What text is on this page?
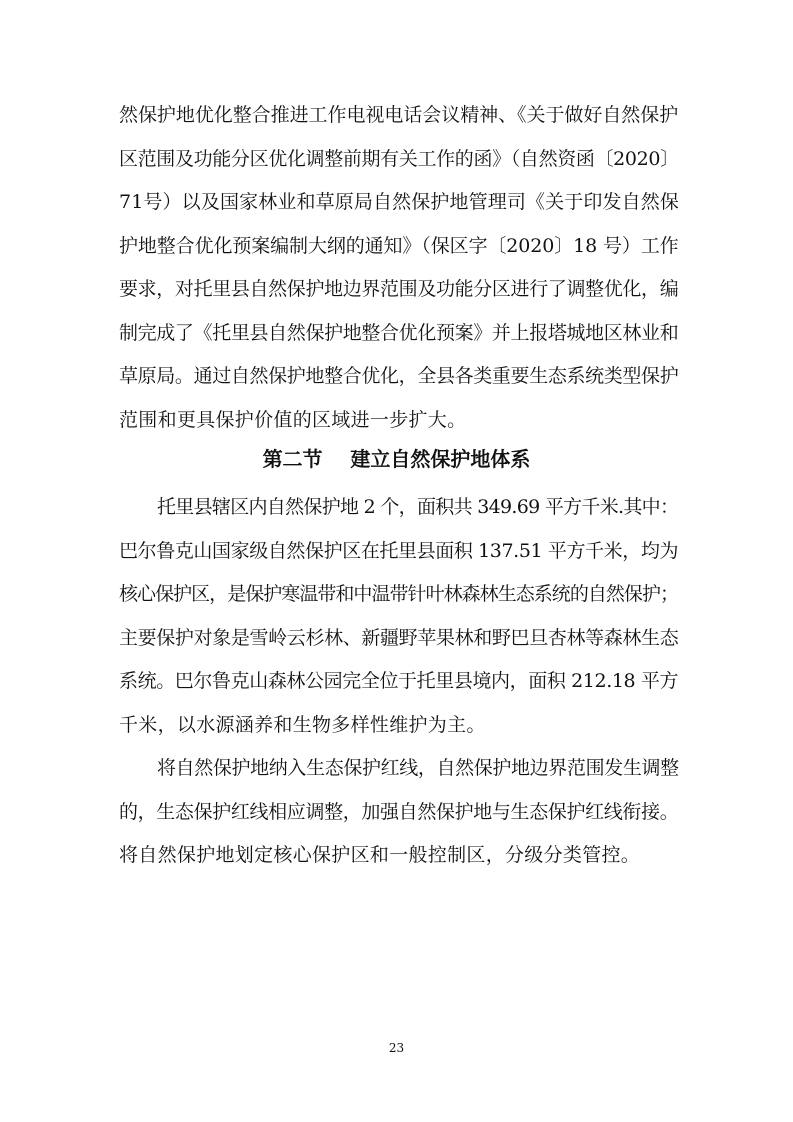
然保护地优化整合推进工作电视电话会议精神、《关于做好自然保护
区范围及功能分区优化调整前期有关工作的函》（自然资函〔2020〕
71号）以及国家林业和草原局自然保护地管理司《关于印发自然保
护地整合优化预案编制大纲的通知》（保区字〔2020〕18 号）工作
要求，对托里县自然保护地边界范围及功能分区进行了调整优化，编
制完成了《托里县自然保护地整合优化预案》并上报塔城地区林业和
草原局。通过自然保护地整合优化，全县各类重要生态系统类型保护
范围和更具保护价值的区域进一步扩大。
第二节    建立自然保护地体系
托里县辖区内自然保护地 2 个，面积共 349.69 平方千米.其中：
巴尔鲁克山国家级自然保护区在托里县面积 137.51 平方千米，均为
核心保护区，是保护寒温带和中温带针叶林森林生态系统的自然保护；
主要保护对象是雪岭云杉林、新疆野苹果林和野巴旦杏林等森林生态
系统。巴尔鲁克山森林公园完全位于托里县境内，面积 212.18 平方
千米，以水源涵养和生物多样性维护为主。
将自然保护地纳入生态保护红线，自然保护地边界范围发生调整
的，生态保护红线相应调整，加强自然保护地与生态保护红线衔接。
将自然保护地划定核心保护区和一般控制区，分级分类管控。
23
